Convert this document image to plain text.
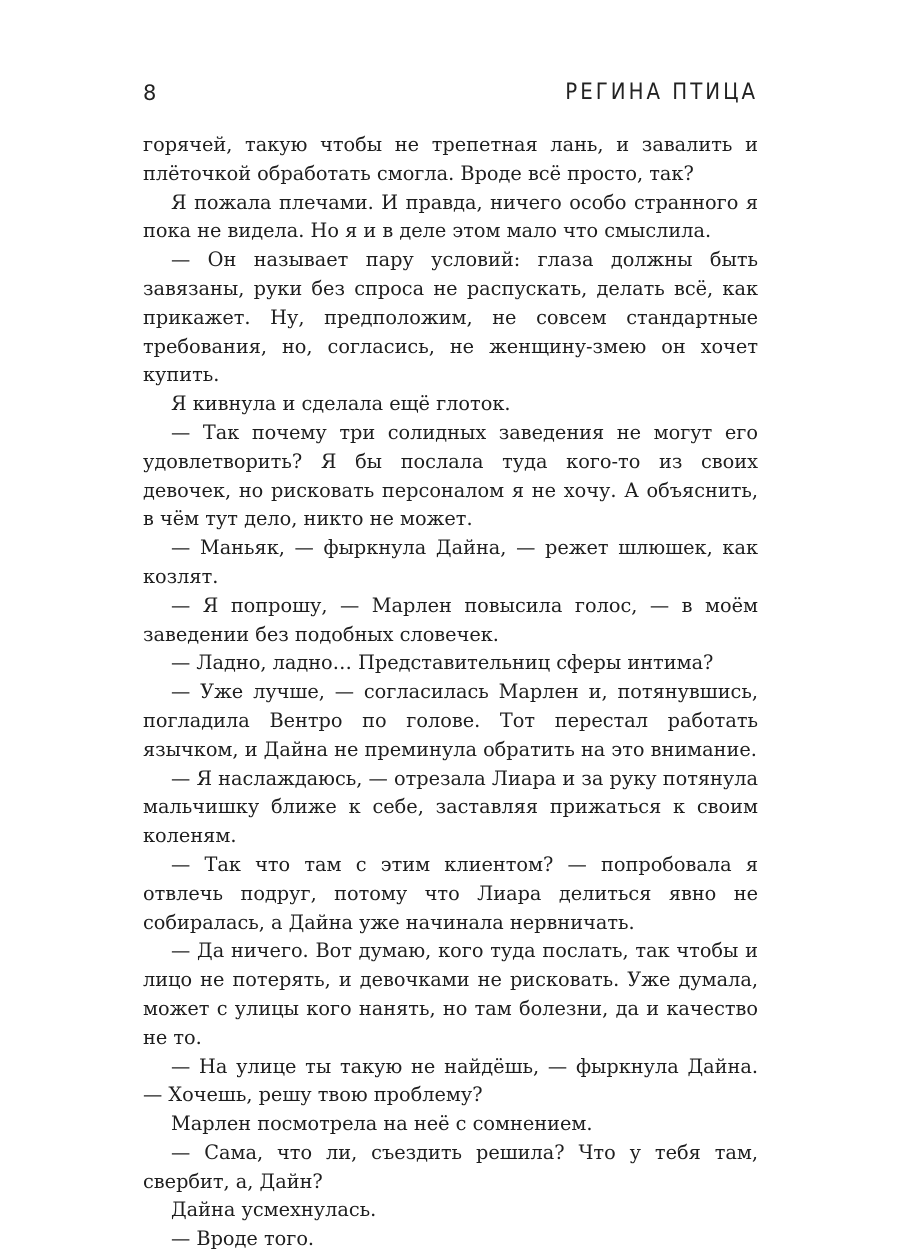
8	РЕГИНА ПТИЦА

горячей, такую чтобы не трепетная лань, и завалить и плёточкой обработать смогла. Вроде всё просто, так?

Я пожала плечами. И правда, ничего особо странного я пока не видела. Но я и в деле этом мало что смыслила.

— Он называет пару условий: глаза должны быть завязаны, руки без спроса не распускать, делать всё, как прикажет. Ну, предположим, не совсем стандартные требования, но, согласись, не женщину-змею он хочет купить.

Я кивнула и сделала ещё глоток.

— Так почему три солидных заведения не могут его удовлетворить? Я бы послала туда кого-то из своих девочек, но рисковать персоналом я не хочу. А объяснить, в чём тут дело, никто не может.

— Маньяк, — фыркнула Дайна, — режет шлюшек, как козлят.

— Я попрошу, — Марлен повысила голос, — в моём заведении без подобных словечек.

— Ладно, ладно… Представительниц сферы интима?

— Уже лучше, — согласилась Марлен и, потянувшись, погладила Вентро по голове. Тот перестал работать язычком, и Дайна не преминула обратить на это внимание.

— Я наслаждаюсь, — отрезала Лиара и за руку потянула мальчишку ближе к себе, заставляя прижаться к своим коленям.

— Так что там с этим клиентом? — попробовала я отвлечь подруг, потому что Лиара делиться явно не собиралась, а Дайна уже начинала нервничать.

— Да ничего. Вот думаю, кого туда послать, так чтобы и лицо не потерять, и девочками не рисковать. Уже думала, может с улицы кого нанять, но там болезни, да и качество не то.

— На улице ты такую не найдёшь, — фыркнула Дайна. — Хочешь, решу твою проблему?

Марлен посмотрела на неё с сомнением.

— Сама, что ли, съездить решила? Что у тебя там, свербит, а, Дайн?

Дайна усмехнулась.

— Вроде того.
